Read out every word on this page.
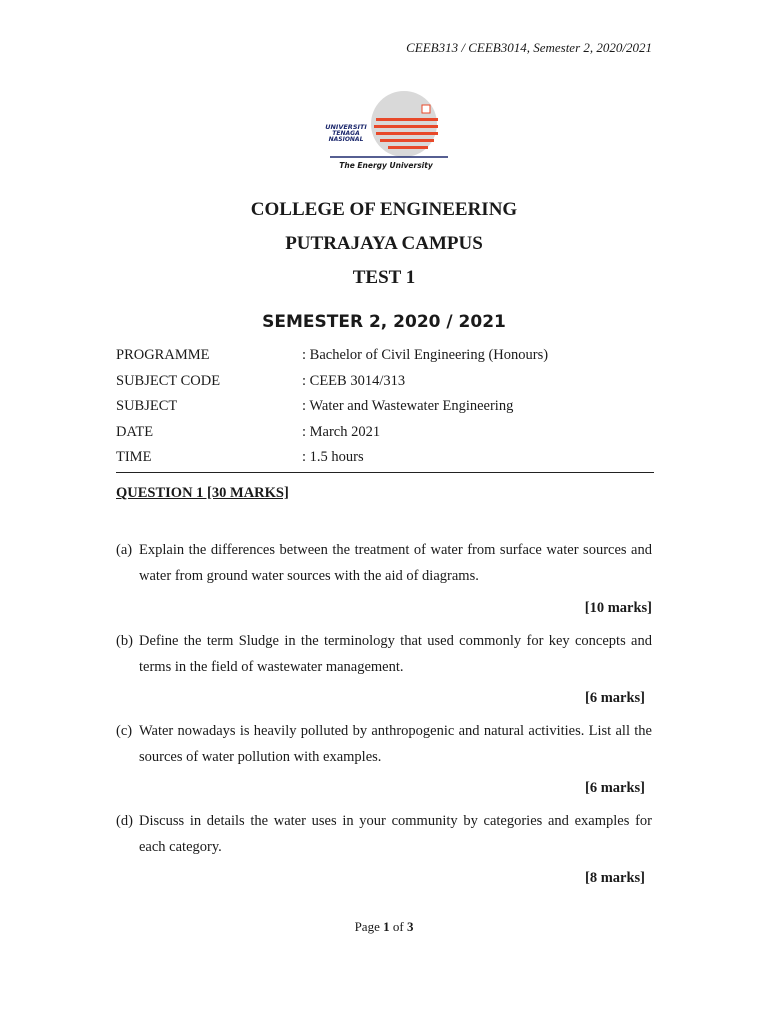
CEEB313 / CEEB3014, Semester 2, 2020/2021
UNIVERSITI
TENAGA
NASIONAL
The Energy University
COLLEGE OF ENGINEERING
PUTRAJAYA CAMPUS
TEST 1
SEMESTER 2, 2020 / 2021
PROGRAMME	: Bachelor of Civil Engineering (Honours)
SUBJECT CODE	: CEEB 3014/313
SUBJECT	: Water and Wastewater Engineering
DATE	: March 2021
TIME	: 1.5 hours
QUESTION 1 [30 MARKS]
(a) Explain the differences between the treatment of water from surface water sources and water from ground water sources with the aid of diagrams.
[10 marks]
(b) Define the term Sludge in the terminology that used commonly for key concepts and terms in the field of wastewater management.
[6 marks]
(c) Water nowadays is heavily polluted by anthropogenic and natural activities. List all the sources of water pollution with examples.
[6 marks]
(d) Discuss in details the water uses in your community by categories and examples for each category.
[8 marks]
Page 1 of 3
